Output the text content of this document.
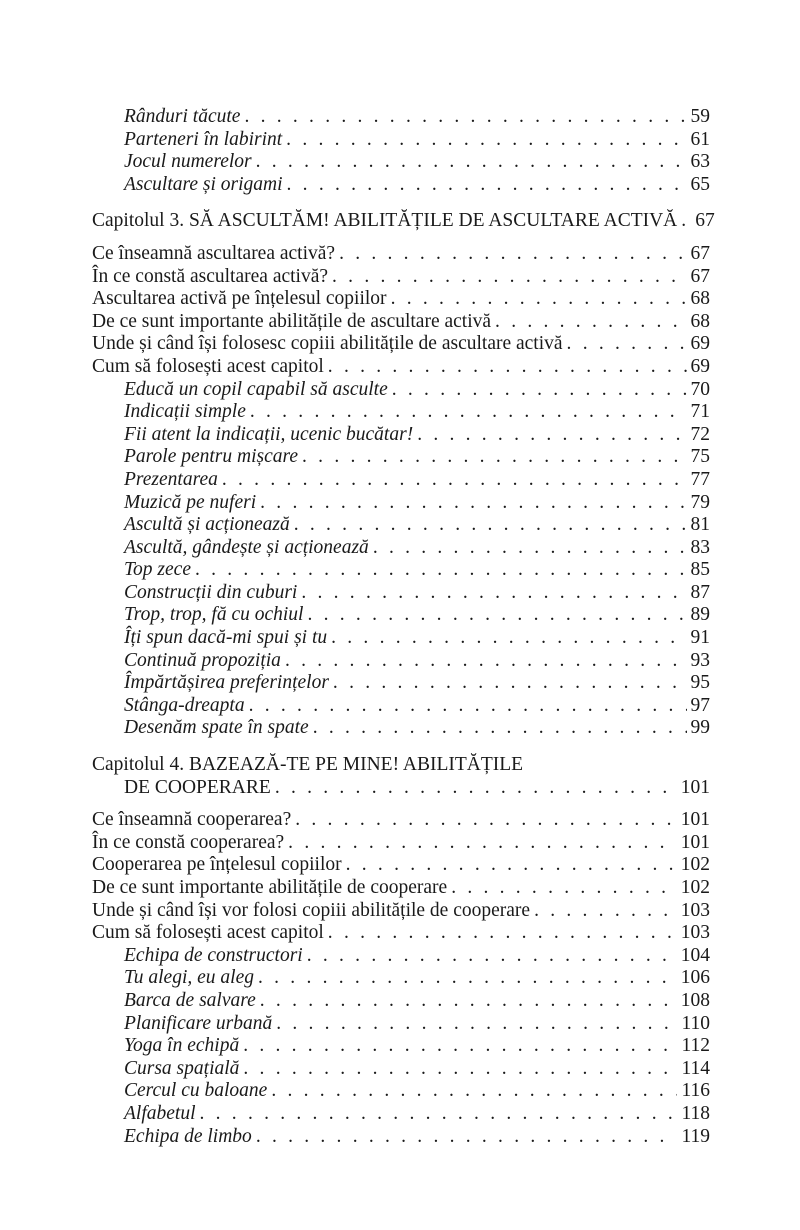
Rânduri tăcute . . .	59
Parteneri în labirint . . .	61
Jocul numerelor . . .	63
Ascultare și origami . . .	65
Capitolul 3. SĂ ASCULTĂM! ABILITĂȚILE DE ASCULTARE ACTIVĂ . . . 67
Ce înseamnă ascultarea activă? . . .	67
În ce constă ascultarea activă? . . .	67
Ascultarea activă pe înțelesul copiilor . . .	68
De ce sunt importante abilitățile de ascultare activă . . .	68
Unde și când își folosesc copiii abilitățile de ascultare activă . . .	69
Cum să folosești acest capitol . . .	69
Educă un copil capabil să asculte . . .	70
Indicații simple . . .	71
Fii atent la indicații, ucenic bucătar! . . .	72
Parole pentru mișcare . . .	75
Prezentarea . . .	77
Muzică pe nuferi . . .	79
Ascultă și acționează . . .	81
Ascultă, gândește și acționează . . .	83
Top zece . . .	85
Construcții din cuburi . . .	87
Trop, trop, fă cu ochiul . . .	89
Îți spun dacă-mi spui și tu . . .	91
Continuă propoziția . . .	93
Împărtășirea preferințelor . . .	95
Stânga-dreapta . . .	97
Desenăm spate în spate . . .	99
Capitolul 4. BAZEAZĂ-TE PE MINE! ABILITĂȚILE
DE COOPERARE . . .	101
Ce înseamnă cooperarea? . . .	101
În ce constă cooperarea? . . .	101
Cooperarea pe înțelesul copiilor . . .	102
De ce sunt importante abilitățile de cooperare . . .	102
Unde și când își vor folosi copiii abilitățile de cooperare . . .	103
Cum să folosești acest capitol . . .	103
Echipa de constructori . . .	104
Tu alegi, eu aleg . . .	106
Barca de salvare . . .	108
Planificare urbană . . .	110
Yoga în echipă . . .	112
Cursa spațială . . .	114
Cercul cu baloane . . .	116
Alfabetul . . .	118
Echipa de limbo . . .	119
